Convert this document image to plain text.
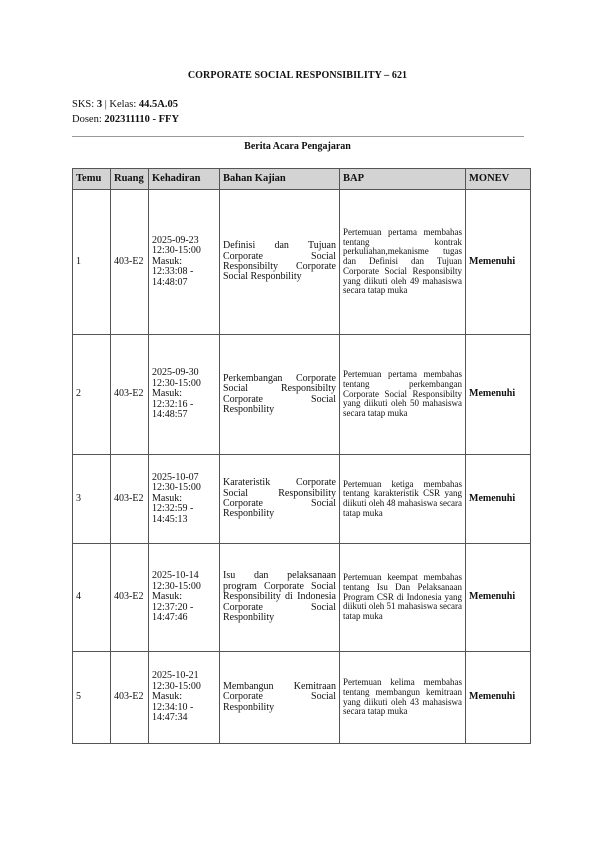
CORPORATE SOCIAL RESPONSIBILITY – 621
SKS: 3 | Kelas: 44.5A.05
Dosen: 202311110 - FFY
Berita Acara Pengajaran
Temu	Ruang	Kehadiran	Bahan Kajian	BAP	MONEV
1	403-E2	2025-09-23
12:30-15:00
Masuk:
12:33:08 - 14:48:07	Definisi dan Tujuan Corporate Social Responsibilty Corporate Social Responbility	Pertemuan pertama membahas tentang kontrak perkuliahan,mekanisme tugas dan Definisi dan Tujuan Corporate Social Responsibilty yang diikuti oleh 49 mahasiswa secara tatap muka	Memenuhi
2	403-E2	2025-09-30
12:30-15:00
Masuk:
12:32:16 - 14:48:57	Perkembangan Corporate Social Responsibilty Corporate Social Responbility	Pertemuan pertama membahas tentang perkembangan Corporate Social Responsibilty yang diikuti oleh 50 mahasiswa secara tatap muka	Memenuhi
3	403-E2	2025-10-07
12:30-15:00
Masuk:
12:32:59 - 14:45:13	Karateristik Corporate Social Responsibility Corporate Social Responbility	Pertemuan ketiga membahas tentang karakteristik CSR yang diikuti oleh 48 mahasiswa secara tatap muka	Memenuhi
4	403-E2	2025-10-14
12:30-15:00
Masuk:
12:37:20 - 14:47:46	Isu dan pelaksanaan program Corporate Social Responsibility di Indonesia Corporate Social Responbility	Pertemuan keempat membahas tentang Isu Dan Pelaksanaan Program CSR di Indonesia yang diikuti oleh 51 mahasiswa secara tatap muka	Memenuhi
5	403-E2	2025-10-21
12:30-15:00
Masuk:
12:34:10 - 14:47:34	Membangun Kemitraan Corporate Social Responbility	Pertemuan kelima membahas tentang membangun kemitraan yang diikuti oleh 43 mahasiswa secara tatap muka	Memenuhi
